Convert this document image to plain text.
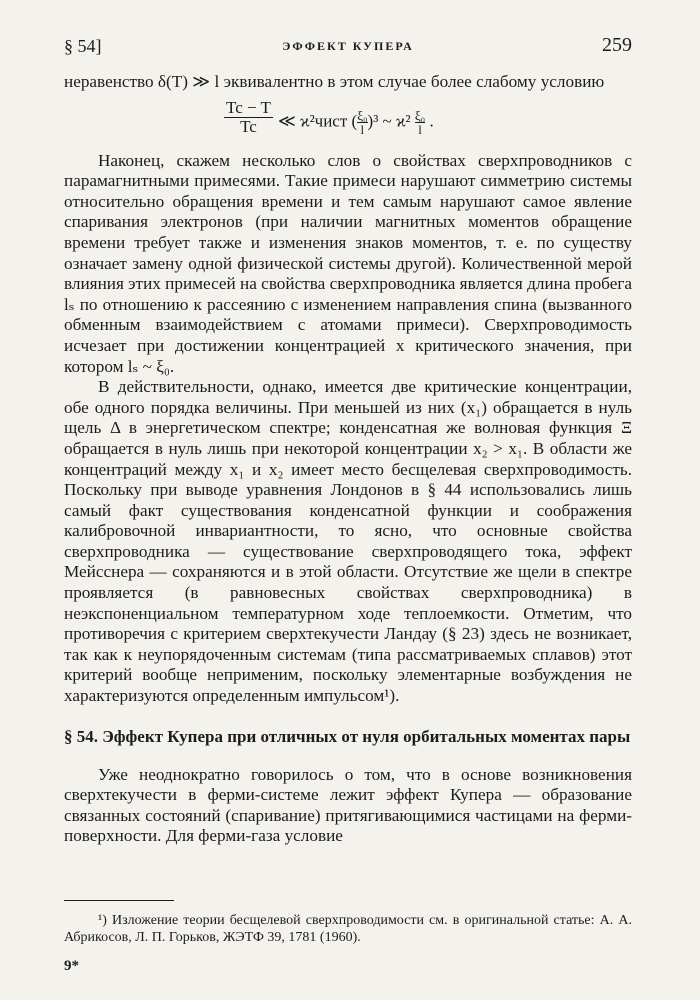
§ 54]	ЭФФЕКТ КУПЕРА	259

неравенство δ(T) ≫ l эквивалентно в этом случае более слабому условию

$\frac{Tc - T}{Tc}$ ≪ ϰ²чист ( $\frac{\text{ξ₀}}{l} )^3$ ~ $ϰ^2 \frac{\text{ξ₀}}{l}$ .

Наконец, скажем несколько слов о свойствах сверхпроводников с парамагнитными примесями. Такие примеси нарушают симметрию системы относительно обращения времени и тем самым нарушают самое явление спаривания электронов (при наличии магнитных моментов обращение времени требует также и изменения знаков моментов, т. е. по существу означает замену одной физической системы другой). Количественной мерой влияния этих примесей на свойства сверхпроводника является длина пробега lₛ по отношению к рассеянию с изменением направления спина (вызванного обменным взаимодействием с атомами примеси). Сверхпроводимость исчезает при достижении концентрацией x критического значения, при котором lₛ ~ ξ₀.

В действительности, однако, имеется две критические концентрации, обе одного порядка величины. При меньшей из них (x₁) обращается в нуль щель Δ в энергетическом спектре; конденсатная же волновая функция Ξ обращается в нуль лишь при некоторой концентрации x₂ > x₁. В области же концентраций между x₁ и x₂ имеет место бесщелевая сверхпроводимость. Поскольку при выводе уравнения Лондонов в § 44 использовались лишь самый факт существования конденсатной функции и соображения калибровочной инвариантности, то ясно, что основные свойства сверхпроводника — существование сверхпроводящего тока, эффект Мейсснера — сохраняются и в этой области. Отсутствие же щели в спектре проявляется (в равновесных свойствах сверхпроводника) в неэкспоненциальном температурном ходе теплоемкости. Отметим, что противоречия с критерием сверхтекучести Ландау (§ 23) здесь не возникает, так как к неупорядоченным системам (типа рассматриваемых сплавов) этот критерий вообще неприменим, поскольку элементарные возбуждения не характеризуются определенным импульсом¹).

§ 54. Эффект Купера при отличных от нуля орбитальных моментах пары

Уже неоднократно говорилось о том, что в основе возникновения сверхтекучести в ферми-системе лежит эффект Купера — образование связанных состояний (спаривание) притягивающимися частицами на ферми-поверхности. Для ферми-газа условие

¹) Изложение теории бесщелевой сверхпроводимости см. в оригинальной статье: А. А. Абрикосов, Л. П. Горьков, ЖЭТФ 39, 1781 (1960).
9*
